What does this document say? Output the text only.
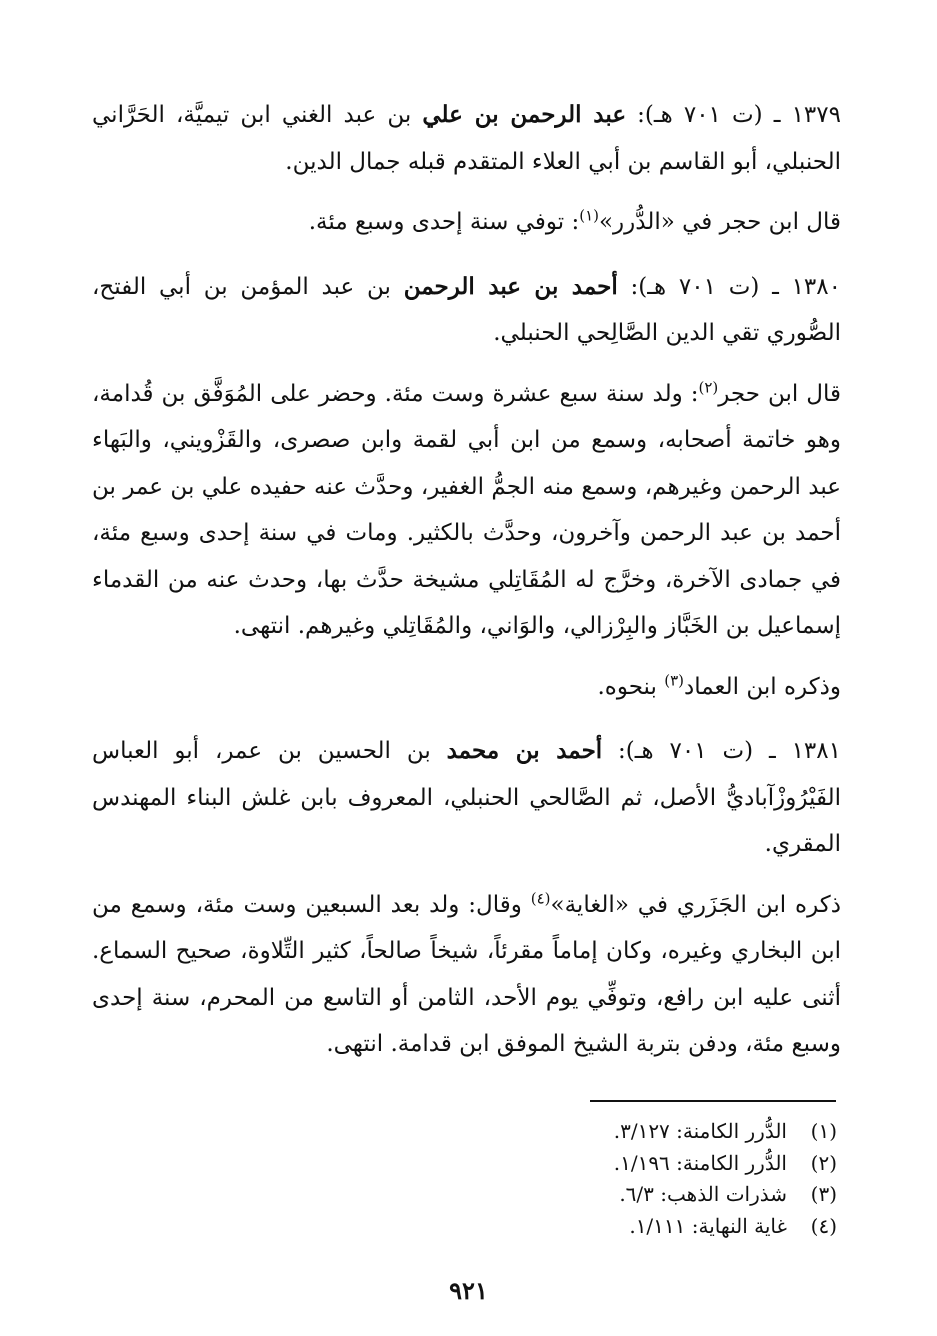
١٣٧٩ ـ (ت ٧٠١ هـ): عبد الرحمن بن علي بن عبد الغني ابن تيميَّة، الحَرَّاني الحنبلي، أبو القاسم بن أبي العلاء المتقدم قبله جمال الدين.

قال ابن حجر في «الدُّرر»$^{(١)}$: توفي سنة إحدى وسبع مئة.

١٣٨٠ ـ (ت ٧٠١ هـ): أحمد بن عبد الرحمن بن عبد المؤمن بن أبي الفتح، الصُّوري تقي الدين الصَّالِحي الحنبلي.

قال ابن حجر$^{(٢)}$: ولد سنة سبع عشرة وست مئة. وحضر على المُوَفَّق بن قُدامة، وهو خاتمة أصحابه، وسمع من ابن أبي لقمة وابن صصرى، والقَزْويني، والبَهاء عبد الرحمن وغيرهم، وسمع منه الجمُّ الغفير، وحدَّث عنه حفيده علي بن عمر بن أحمد بن عبد الرحمن وآخرون، وحدَّث بالكثير. ومات في سنة إحدى وسبع مئة، في جمادى الآخرة، وخرَّج له المُقَاتِلي مشيخة حدَّث بها، وحدث عنه من القدماء إسماعيل بن الخَبَّاز والبِرْزالي، والوَاني، والمُقَاتِلي وغيرهم. انتهى.

وذكره ابن العماد$^{(٣)}$ بنحوه.

١٣٨١ ـ (ت ٧٠١ هـ): أحمد بن محمد بن الحسين بن عمر، أبو العباس الفَيْرُوزْآباديُّ الأصل، ثم الصَّالحي الحنبلي، المعروف بابن غلش البناء المهندس المقري.

ذكره ابن الجَزَري في «الغاية»$^{(٤)}$ وقال: ولد بعد السبعين وست مئة، وسمع من ابن البخاري وغيره، وكان إماماً مقرئاً، شيخاً صالحاً، كثير التِّلاوة، صحيح السماع. أثنى عليه ابن رافع، وتوفِّي يوم الأحد، الثامن أو التاسع من المحرم، سنة إحدى وسبع مئة، ودفن بتربة الشيخ الموفق ابن قدامة. انتهى.

(١)
الدُّرر الكامنة: ٣/١٢٧.
(٢)
الدُّرر الكامنة: ١/١٩٦.
(٣)
شذرات الذهب: ٦/٣.
(٤)
غاية النهاية: ١/١١١.
٩٢١
